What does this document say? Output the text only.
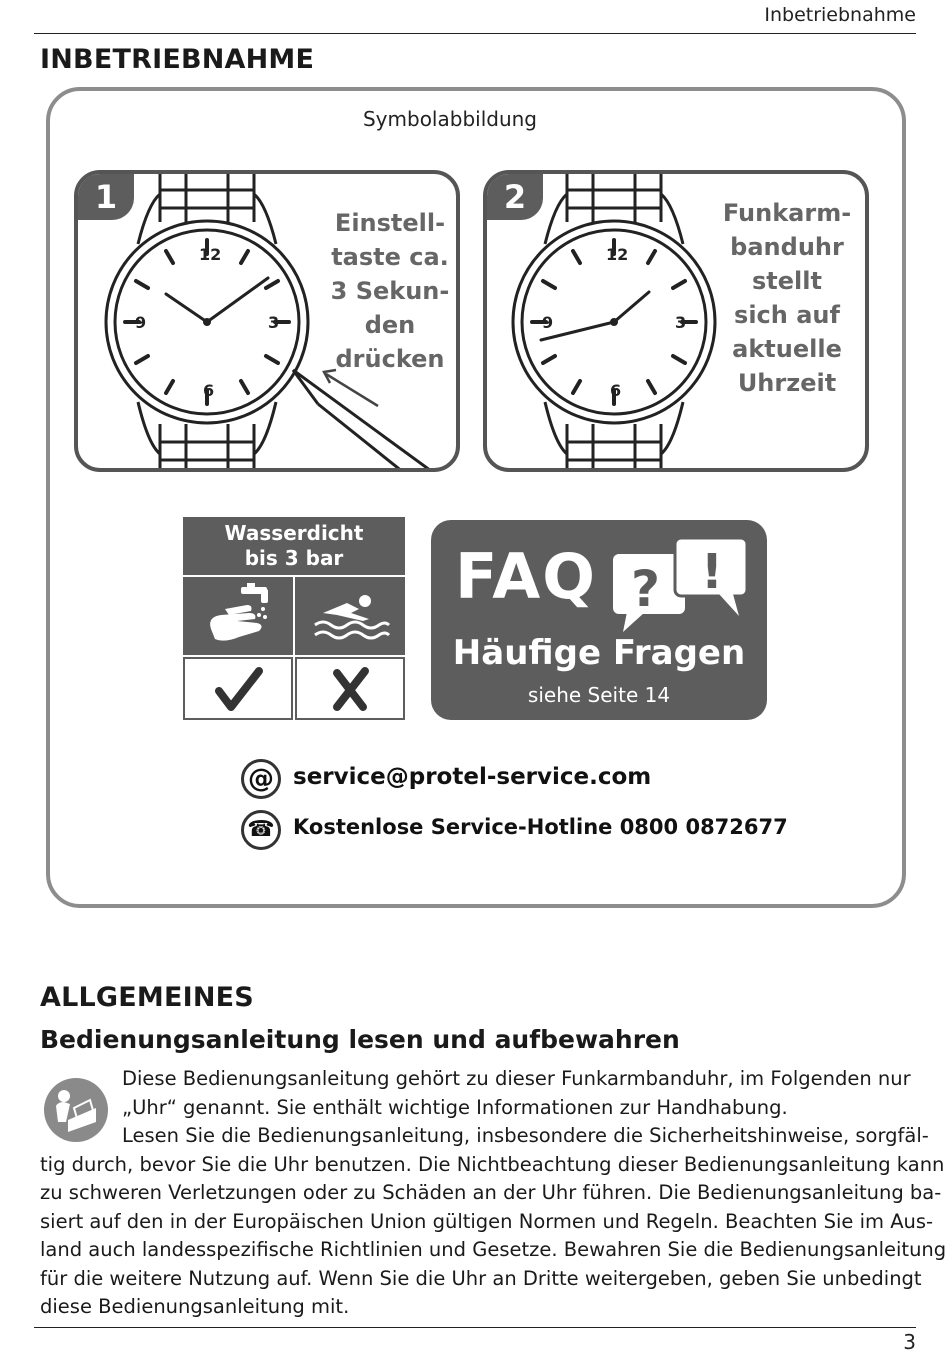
Inbetriebnahme
INBETRIEBNAHME
Symbolabbildung
12
6
9	3
1
Einstell-
taste ca.
3 Sekun-
den
drücken
12
6
9	3
2	Funkarm-
banduhr
stellt
sich auf
aktuelle
Uhrzeit
Wasserdicht
bis 3 bar	FAQ ? !
Häufige Fragen
siehe Seite 14
@ service@protel-service.com
☎ Kostenlose Service-Hotline 0800 0872677
ALLGEMEINES
Bedienungsanleitung lesen und aufbewahren
Diese Bedienungsanleitung gehört zu dieser Funkarmbanduhr, im Folgenden nur
„Uhr“ genannt. Sie enthält wichtige Informationen zur Handhabung.
Lesen Sie die Bedienungsanleitung, insbesondere die Sicherheitshinweise, sorgfäl-
tig durch, bevor Sie die Uhr benutzen. Die Nichtbeachtung dieser Bedienungsanleitung kann
zu schweren Verletzungen oder zu Schäden an der Uhr führen. Die Bedienungsanleitung ba-
siert auf den in der Europäischen Union gültigen Normen und Regeln. Beachten Sie im Aus-
land auch landesspezifische Richtlinien und Gesetze. Bewahren Sie die Bedienungsanleitung
für die weitere Nutzung auf. Wenn Sie die Uhr an Dritte weitergeben, geben Sie unbedingt
diese Bedienungsanleitung mit.
3
